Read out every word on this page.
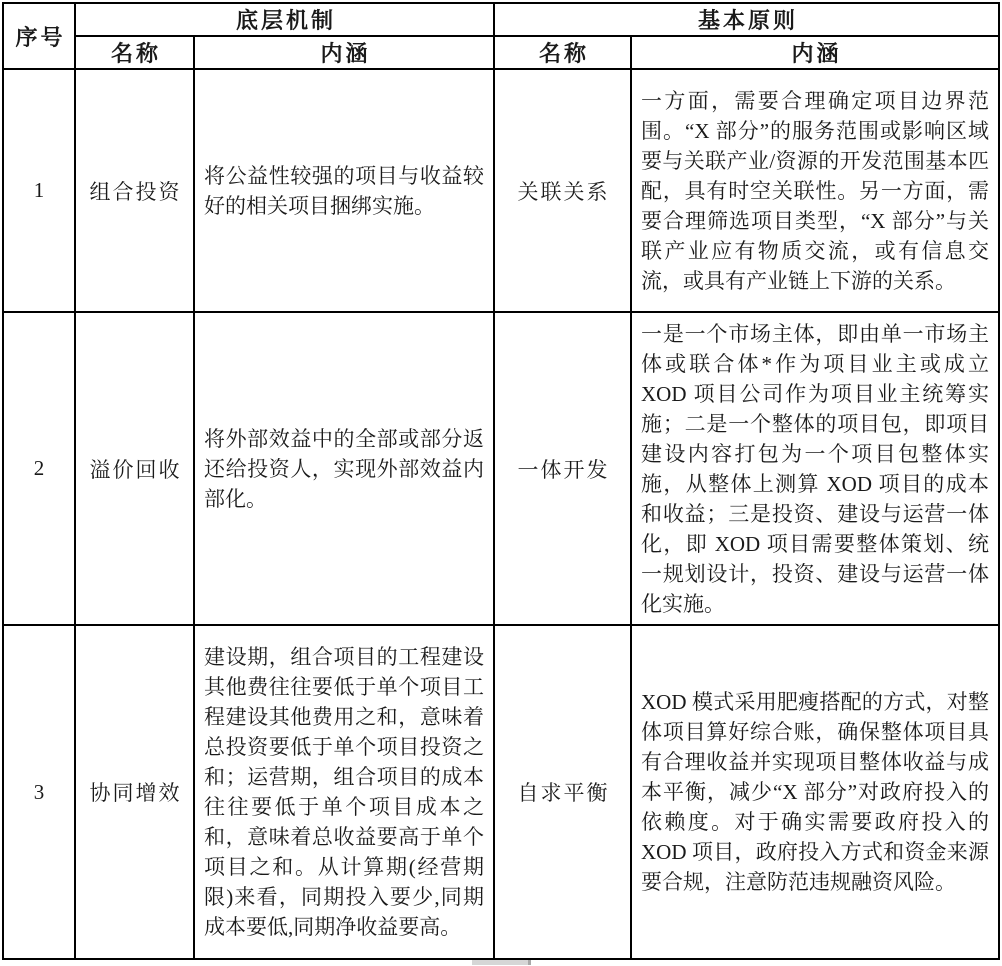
序号	底层机制		基本原则	
	名称	内涵	名称	内涵
1	组合投资	将公益性较强的项目与收益较好的相关项目捆绑实施。	关联关系	一方面，需要合理确定项目边界范围。“X 部分”的服务范围或影响区域要与关联产业/资源的开发范围基本匹配，具有时空关联性。另一方面，需要合理筛选项目类型，“X 部分”与关联产业应有物质交流，或有信息交流，或具有产业链上下游的关系。
2	溢价回收	将外部效益中的全部或部分返还给投资人，实现外部效益内部化。	一体开发	一是一个市场主体，即由单一市场主体或联合体*作为项目业主或成立 XOD 项目公司作为项目业主统筹实施；二是一个整体的项目包，即项目建设内容打包为一个项目包整体实施，从整体上测算 XOD 项目的成本和收益；三是投资、建设与运营一体化，即 XOD 项目需要整体策划、统一规划设计，投资、建设与运营一体化实施。
3	协同增效	建设期，组合项目的工程建设其他费往往要低于单个项目工程建设其他费用之和，意味着总投资要低于单个项目投资之和；运营期，组合项目的成本往往要低于单个项目成本之和，意味着总收益要高于单个项目之和。从计算期(经营期限)来看，同期投入要少,同期成本要低,同期净收益要高。	自求平衡	XOD 模式采用肥瘦搭配的方式，对整体项目算好综合账，确保整体项目具有合理收益并实现项目整体收益与成本平衡，减少“X 部分”对政府投入的依赖度。对于确实需要政府投入的 XOD 项目，政府投入方式和资金来源要合规，注意防范违规融资风险。
